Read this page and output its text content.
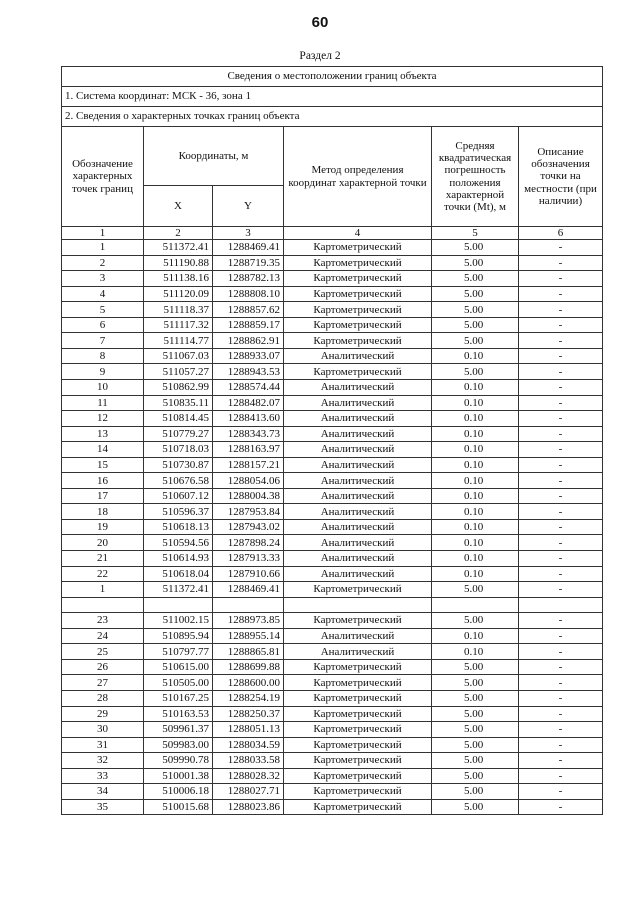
60
Раздел 2
Сведения о местоположении границ объекта					
1. Система координат: МСК - 36, зона 1					
2. Сведения о характерных точках границ объекта					
Обозначение характерных точек границ	Координаты, м		Метод определения координат характерной точки	Средняя квадратическая погрешность положения характерной точки (Mt), м	Описание обозначения точки на местности (при наличии)
	X	Y			
1	2	3	4	5	6
1	511372.41	1288469.41	Картометрический	5.00	-
2	511190.88	1288719.35	Картометрический	5.00	-
3	511138.16	1288782.13	Картометрический	5.00	-
4	511120.09	1288808.10	Картометрический	5.00	-
5	511118.37	1288857.62	Картометрический	5.00	-
6	511117.32	1288859.17	Картометрический	5.00	-
7	511114.77	1288862.91	Картометрический	5.00	-
8	511067.03	1288933.07	Аналитический	0.10	-
9	511057.27	1288943.53	Картометрический	5.00	-
10	510862.99	1288574.44	Аналитический	0.10	-
11	510835.11	1288482.07	Аналитический	0.10	-
12	510814.45	1288413.60	Аналитический	0.10	-
13	510779.27	1288343.73	Аналитический	0.10	-
14	510718.03	1288163.97	Аналитический	0.10	-
15	510730.87	1288157.21	Аналитический	0.10	-
16	510676.58	1288054.06	Аналитический	0.10	-
17	510607.12	1288004.38	Аналитический	0.10	-
18	510596.37	1287953.84	Аналитический	0.10	-
19	510618.13	1287943.02	Аналитический	0.10	-
20	510594.56	1287898.24	Аналитический	0.10	-
21	510614.93	1287913.33	Аналитический	0.10	-
22	510618.04	1287910.66	Аналитический	0.10	-
1	511372.41	1288469.41	Картометрический	5.00	-

23	511002.15	1288973.85	Картометрический	5.00	-
24	510895.94	1288955.14	Аналитический	0.10	-
25	510797.77	1288865.81	Аналитический	0.10	-
26	510615.00	1288699.88	Картометрический	5.00	-
27	510505.00	1288600.00	Картометрический	5.00	-
28	510167.25	1288254.19	Картометрический	5.00	-
29	510163.53	1288250.37	Картометрический	5.00	-
30	509961.37	1288051.13	Картометрический	5.00	-
31	509983.00	1288034.59	Картометрический	5.00	-
32	509990.78	1288033.58	Картометрический	5.00	-
33	510001.38	1288028.32	Картометрический	5.00	-
34	510006.18	1288027.71	Картометрический	5.00	-
35	510015.68	1288023.86	Картометрический	5.00	-
